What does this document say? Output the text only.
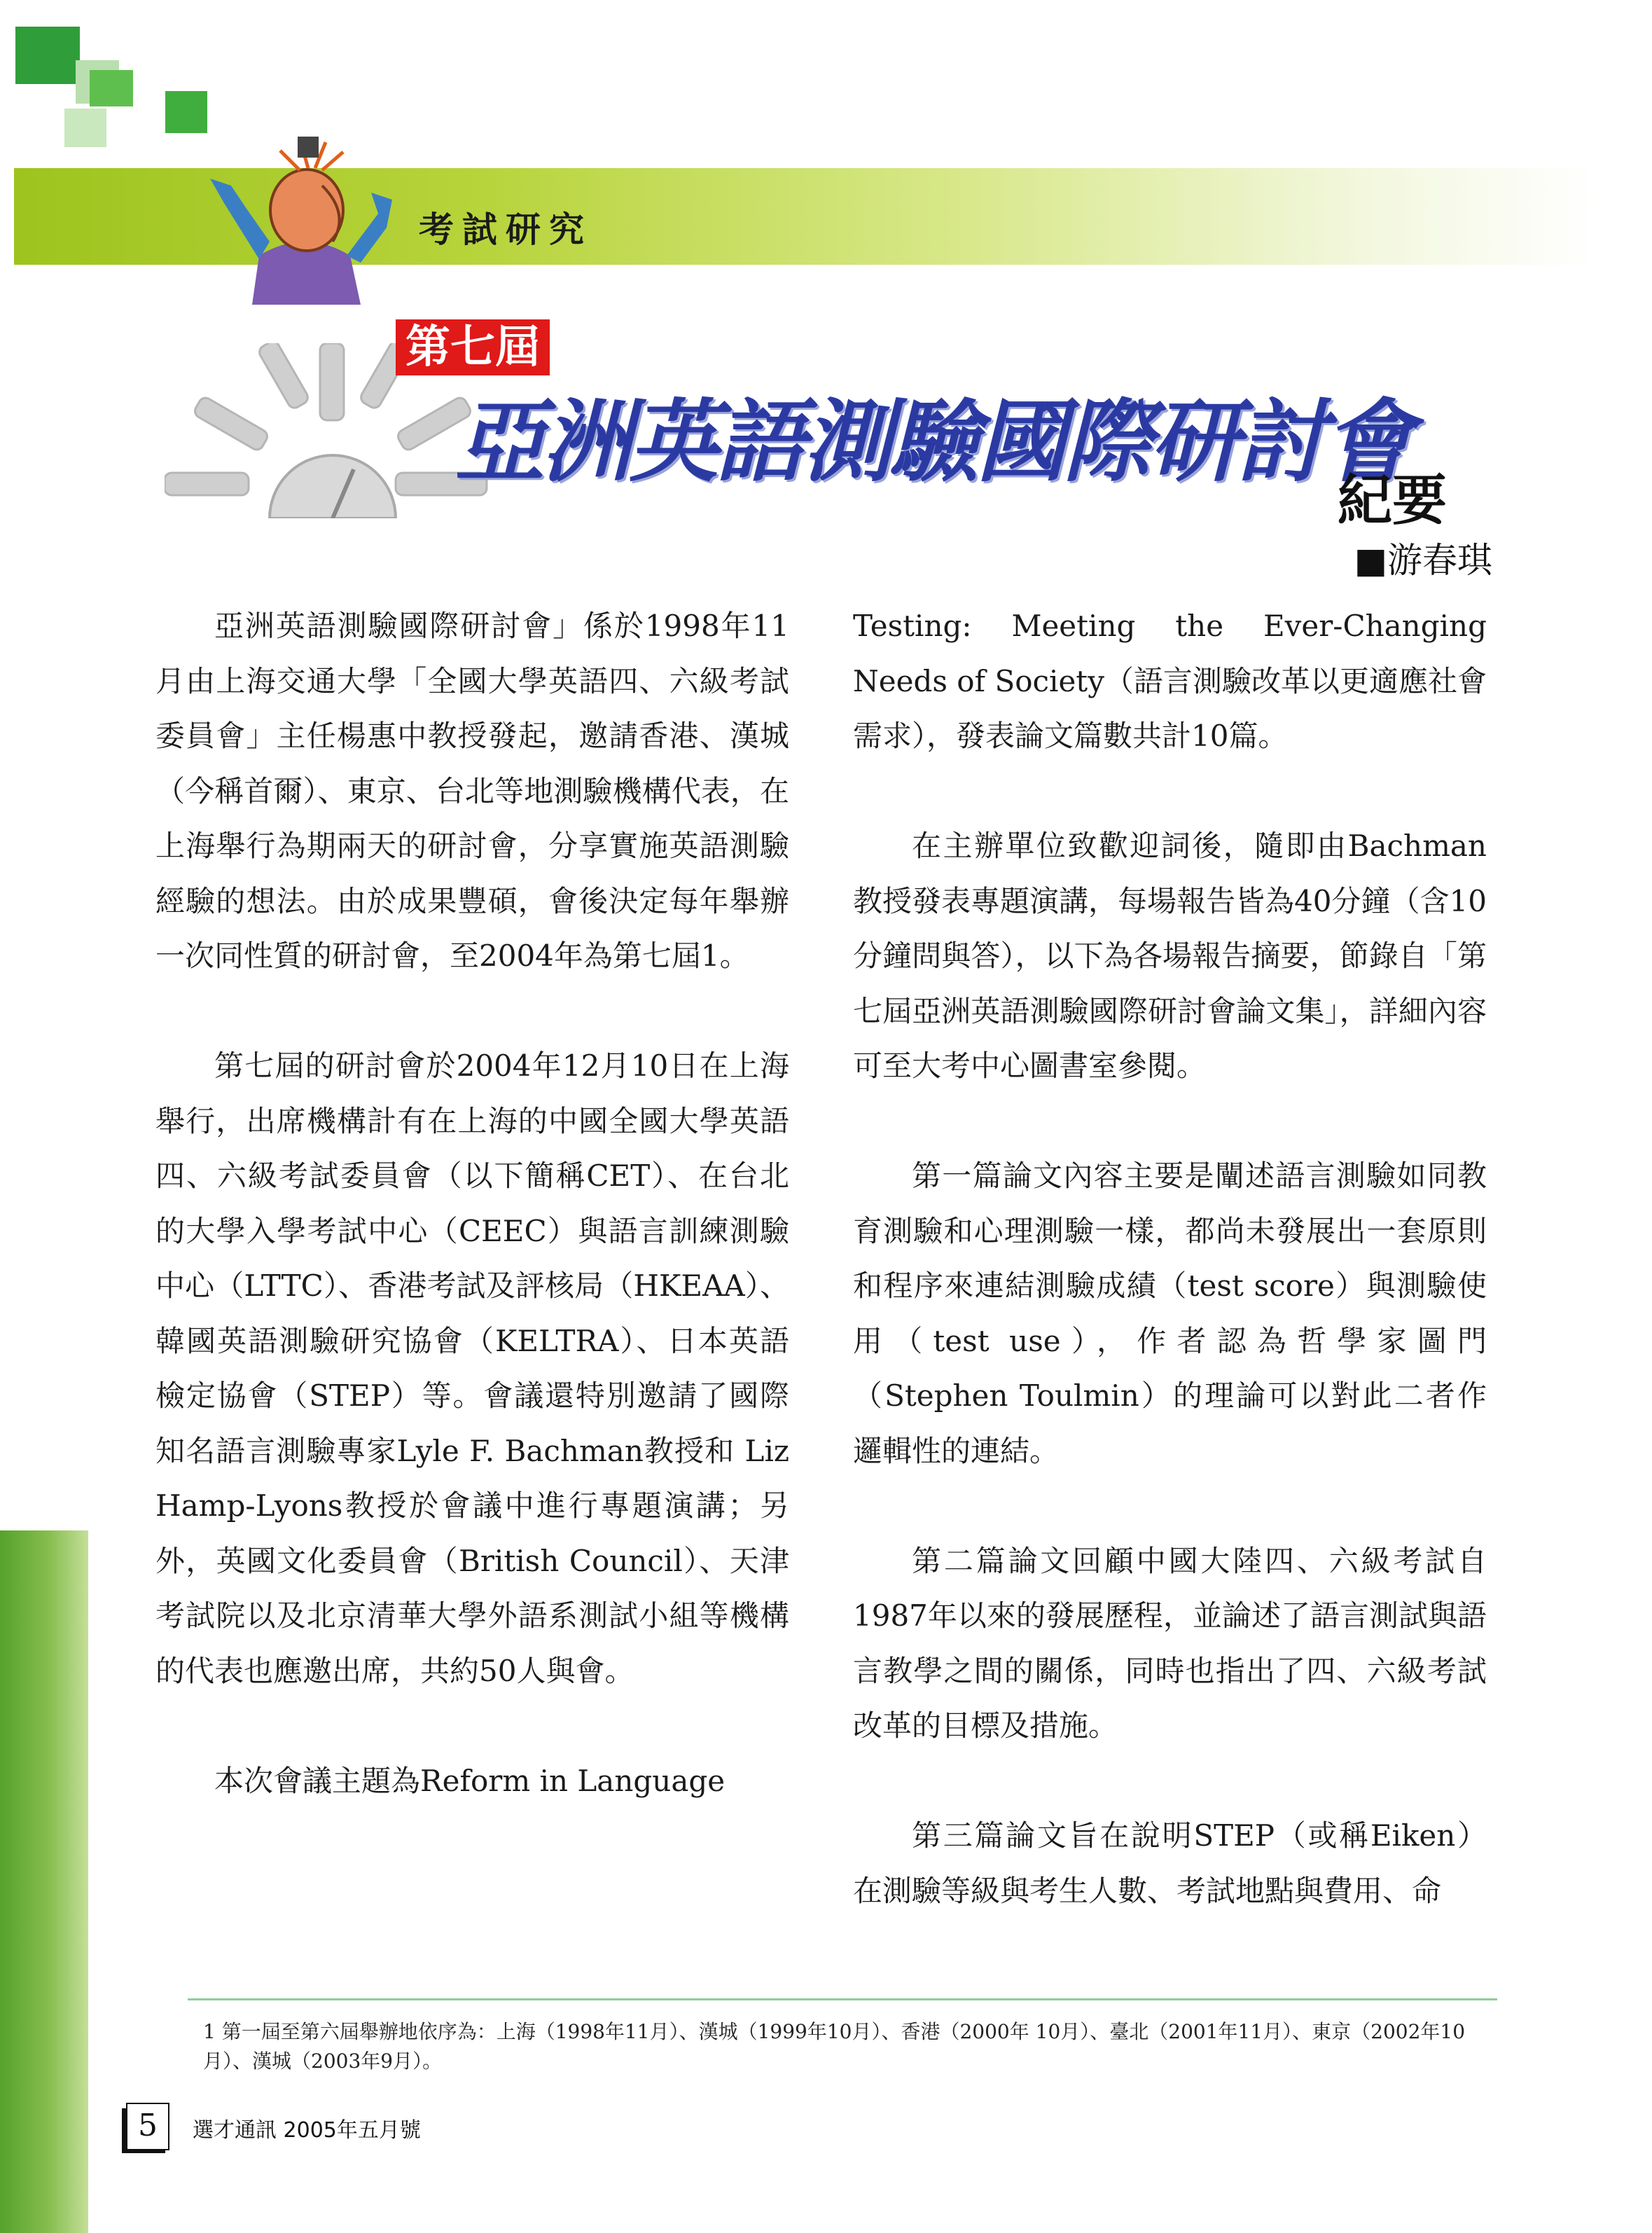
考試研究
第七屆
亞洲英語測驗國際研討會
紀要
■游春琪

亞洲英語測驗國際研討會」係於1998年11月由上海交通大學「全國大學英語四、六級考試委員會」主任楊惠中教授發起，邀請香港、漢城（今稱首爾）、東京、台北等地測驗機構代表，在上海舉行為期兩天的研討會，分享實施英語測驗經驗的想法。由於成果豐碩，會後決定每年舉辦一次同性質的研討會，至2004年為第七屆1。

第七屆的研討會於2004年12月10日在上海舉行，出席機構計有在上海的中國全國大學英語四、六級考試委員會（以下簡稱CET）、在台北的大學入學考試中心（CEEC）與語言訓練測驗中心（LTTC）、香港考試及評核局（HKEAA）、韓國英語測驗研究協會（KELTRA）、日本英語檢定協會（STEP）等。會議還特別邀請了國際知名語言測驗專家Lyle F. Bachman教授和 Liz Hamp-Lyons教授於會議中進行專題演講；另外，英國文化委員會（British Council）、天津考試院以及北京清華大學外語系測試小組等機構的代表也應邀出席，共約50人與會。

本次會議主題為Reform in Language

Testing: Meeting the Ever-Changing Needs of Society（語言測驗改革以更適應社會需求），發表論文篇數共計10篇。

在主辦單位致歡迎詞後，隨即由Bachman教授發表專題演講，每場報告皆為40分鐘（含10分鐘問與答），以下為各場報告摘要，節錄自「第七屆亞洲英語測驗國際研討會論文集」，詳細內容可至大考中心圖書室參閱。

第一篇論文內容主要是闡述語言測驗如同教育測驗和心理測驗一樣，都尚未發展出一套原則和程序來連結測驗成績（test score）與測驗使用（test use），作者認為哲學家圖門（Stephen Toulmin）的理論可以對此二者作邏輯性的連結。

第二篇論文回顧中國大陸四、六級考試自1987年以來的發展歷程，並論述了語言測試與語言教學之間的關係，同時也指出了四、六級考試改革的目標及措施。

第三篇論文旨在說明STEP（或稱Eiken）在測驗等級與考生人數、考試地點與費用、命

1 第一屆至第六屆舉辦地依序為：上海（1998年11月）、漢城（1999年10月）、香港（2000年 10月）、臺北（2001年11月）、東京（2002年10月）、漢城（2003年9月）。
5	選才通訊 2005年五月號
